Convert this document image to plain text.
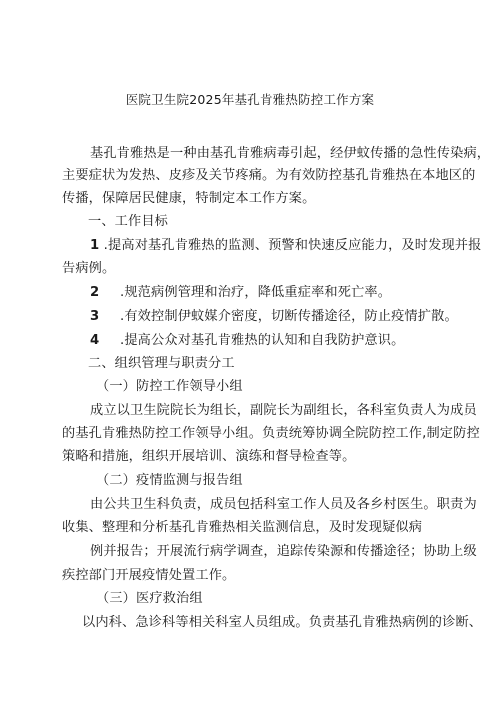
医院卫生院2025年基孔肯雅热防控工作方案
基孔肯雅热是一种由基孔肯雅病毒引起，经伊蚊传播的急性传染病，
主要症状为发热、皮疹及关节疼痛。为有效防控基孔肯雅热在本地区的
传播，保障居民健康，特制定本工作方案。
一、工作目标
1 .提高对基孔肯雅热的监测、预警和快速反应能力，及时发现并报
告病例。
2 .规范病例管理和治疗，降低重症率和死亡率。
3 .有效控制伊蚊媒介密度，切断传播途径，防止疫情扩散。
4 .提高公众对基孔肯雅热的认知和自我防护意识。
二、组织管理与职责分工
（一）防控工作领导小组
成立以卫生院院长为组长，副院长为副组长，各科室负责人为成员
的基孔肯雅热防控工作领导小组。负责统筹协调全院防控工作,制定防控
策略和措施，组织开展培训、演练和督导检查等。
（二）疫情监测与报告组
由公共卫生科负责，成员包括科室工作人员及各乡村医生。职责为
收集、整理和分析基孔肯雅热相关监测信息，及时发现疑似病
例并报告；开展流行病学调查，追踪传染源和传播途径；协助上级
疾控部门开展疫情处置工作。
（三）医疗救治组
以内科、急诊科等相关科室人员组成。负责基孔肯雅热病例的诊断、
